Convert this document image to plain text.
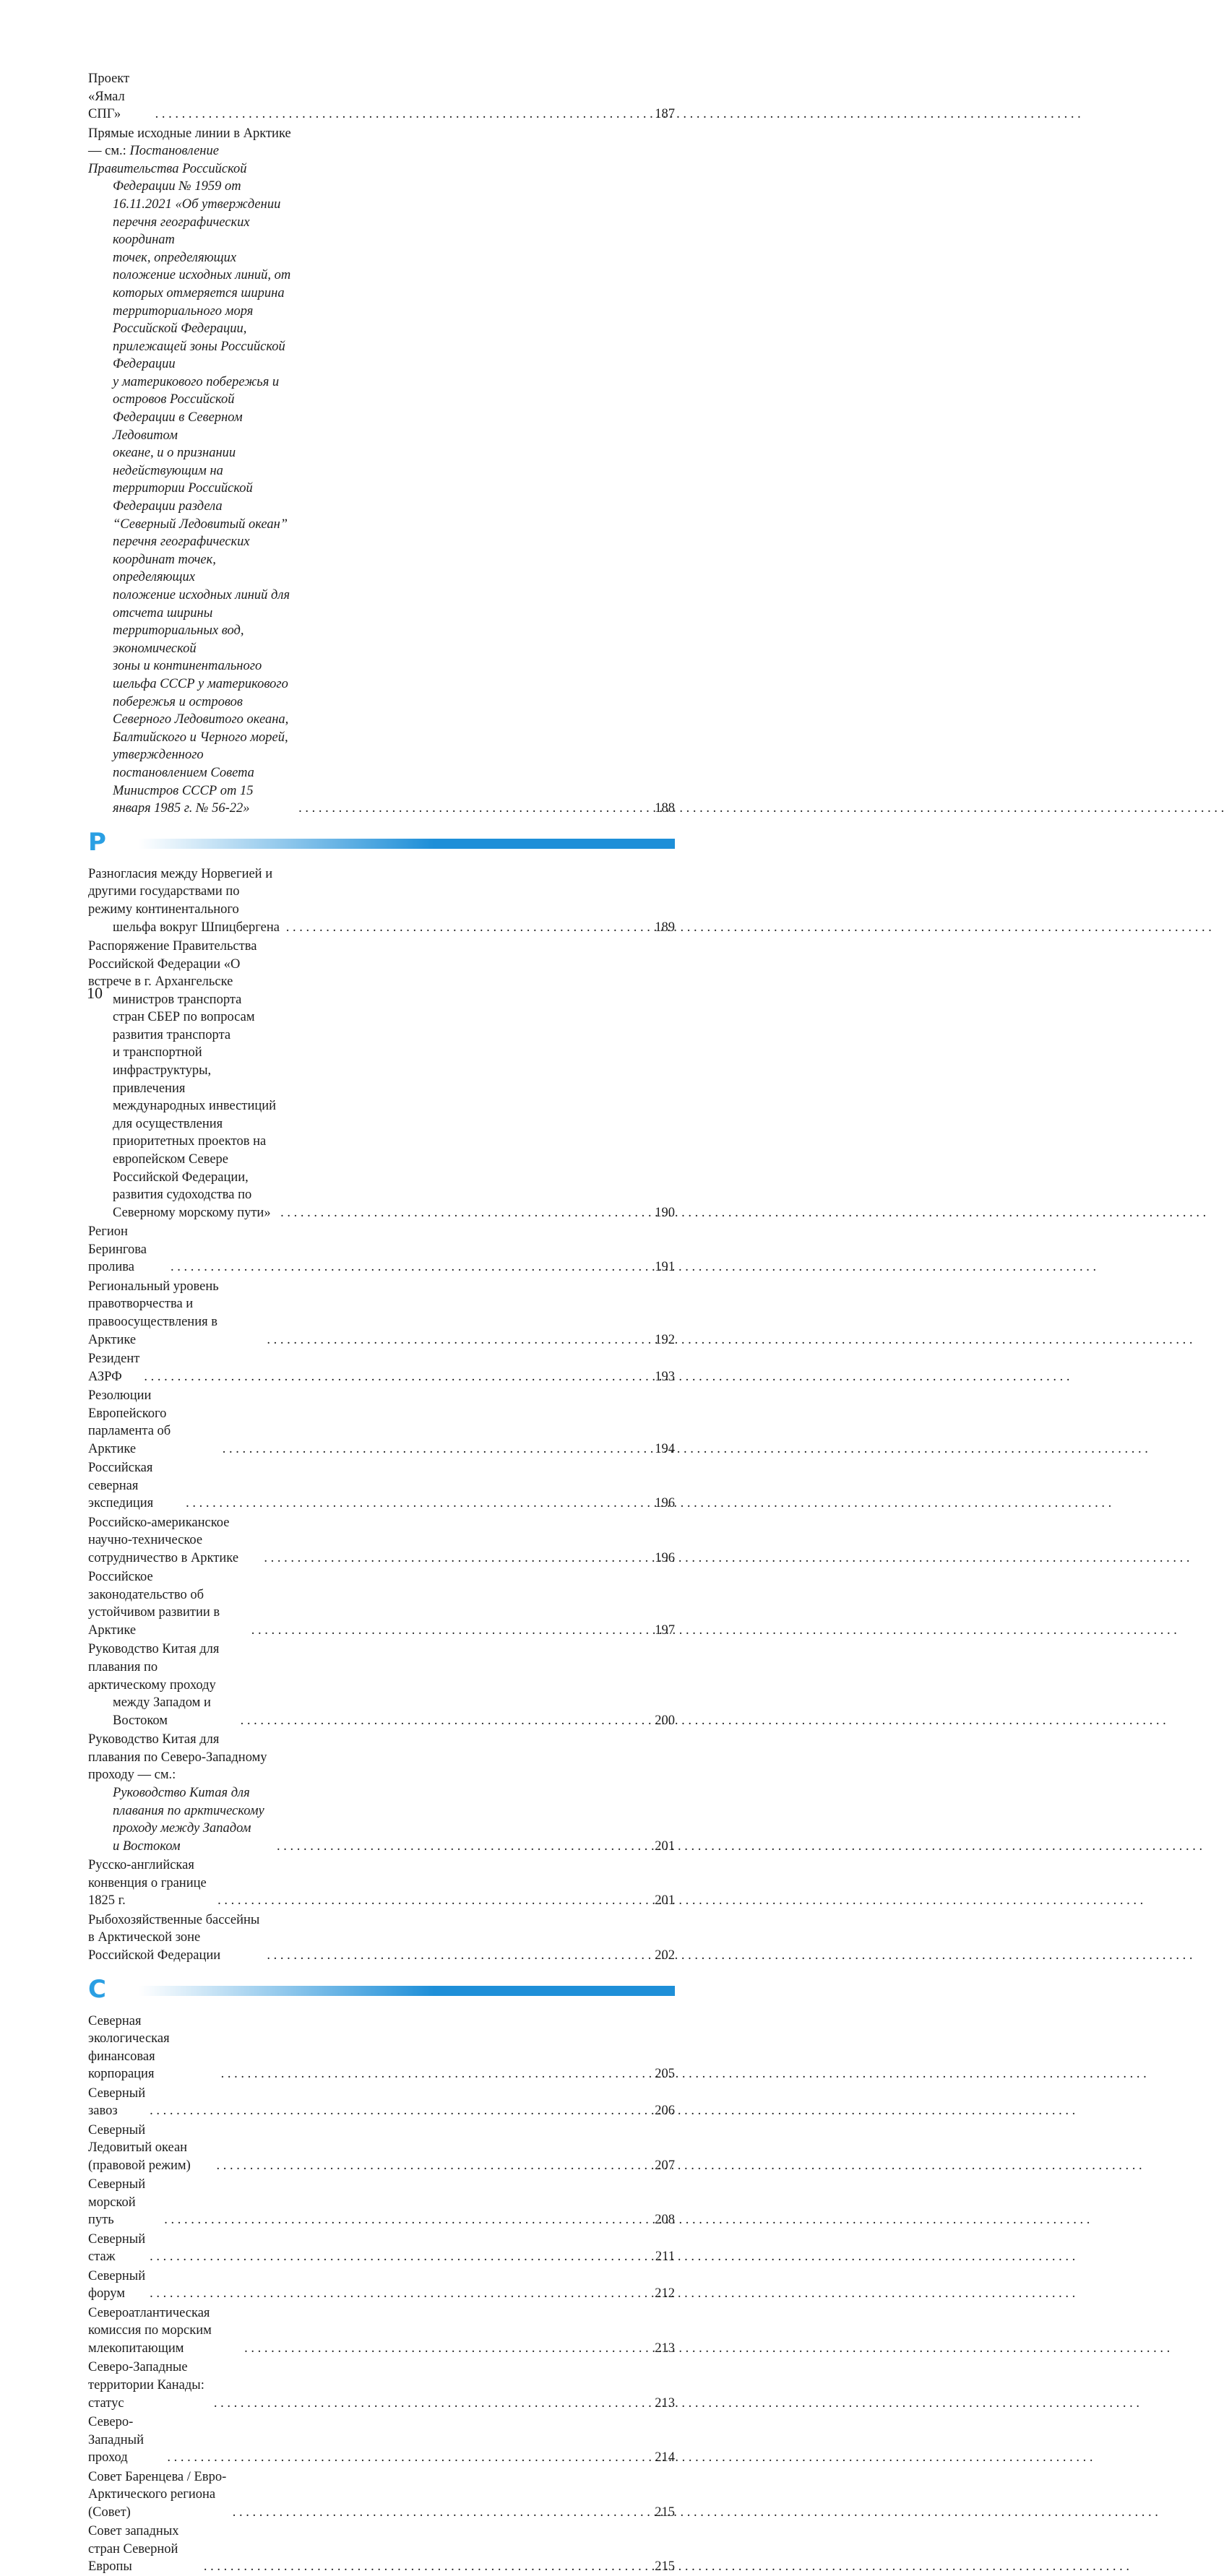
Проект «Ямал СПГ» . . .	187
Прямые исходные линии в Арктике — см.: Постановление Правительства Российской
Федерации № 1959 от 16.11.2021 «Об утверждении перечня географических координат
точек, определяющих положение исходных линий, от которых отмеряется ширина
территориального моря Российской Федерации, прилежащей зоны Российской Федерации
у материкового побережья и островов Российской Федерации в Северном Ледовитом
океане, и о признании недействующим на территории Российской Федерации раздела
“Северный Ледовитый океан” перечня географических координат точек, определяющих
положение исходных линий для отсчета ширины территориальных вод, экономической
зоны и континентального шельфа СССР у материкового побережья и островов
Северного Ледовитого океана, Балтийского и Черного морей, утвержденного
постановлением Совета Министров СССР от 15 января 1985 г. № 56-22» . . .	188
Р
Разногласия между Норвегией и другими государствами по режиму континентального
шельфа вокруг Шпицбергена . . .	189
Распоряжение Правительства Российской Федерации «О встрече в г. Архангельске
министров транспорта стран СБЕР по вопросам развития транспорта
и транспортной инфраструктуры, привлечения международных инвестиций
для осуществления приоритетных проектов на европейском Севере
Российской Федерации, развития судоходства по Северному морскому пути» . . .	190
Регион Берингова пролива . . .	191
Региональный уровень правотворчества и правоосуществления в Арктике . . .	192
Резидент АЗРФ . . .	193
Резолюции Европейского парламента об Арктике . . .	194
Российская северная экспедиция . . .	196
Российско-американское научно-техническое сотрудничество в Арктике . . .	196
Российское законодательство об устойчивом развитии в Арктике . . .	197
Руководство Китая для плавания по арктическому проходу
между Западом и Востоком . . .	200
Руководство Китая для плавания по Северо-Западному проходу — см.:
Руководство Китая для плавания по арктическому проходу между Западом
и Востоком . . .	201
Русско-английская конвенция о границе 1825 г. . . .	201
Рыбохозяйственные бассейны в Арктической зоне Российской Федерации . . .	202
С
Северная экологическая финансовая корпорация . . .	205
Северный завоз . . .	206
Северный Ледовитый океан (правовой режим) . . .	207
Северный морской путь . . .	208
Северный стаж . . .	211
Северный форум . . .	212
Североатлантическая комиссия по морским млекопитающим . . .	213
Северо-Западные территории Канады: статус . . .	213
Северо-Западный проход . . .	214
Совет Баренцева / Евро-Арктического региона (Совет) . . .	215
Совет западных стран Северной Европы . . .	215
10
